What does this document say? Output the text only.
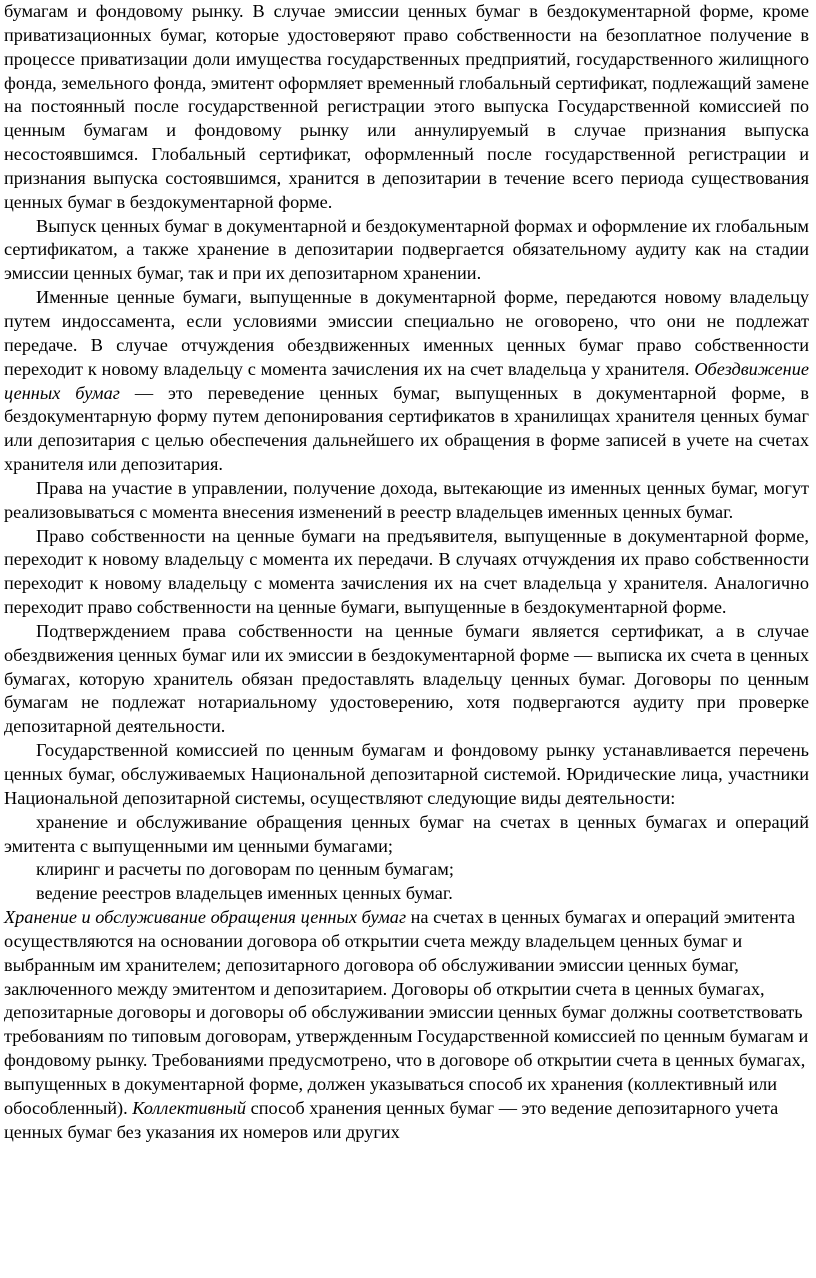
бумагам и фондовому рынку. В случае эмиссии ценных бумаг в бездокументарной форме, кроме приватизационных бумаг, которые удостоверяют право собственности на безоплатное получение в процессе приватизации доли имущества государственных предприятий, государственного жилищного фонда, земельного фонда, эмитент оформляет временный глобальный сертификат, подлежащий замене на постоянный после государственной регистрации этого выпуска Государственной комиссией по ценным бумагам и фондовому рынку или аннулируемый в случае признания выпуска несостоявшимся. Глобальный сертификат, оформленный после государственной регистрации и признания выпуска состоявшимся, хранится в депозитарии в течение всего периода существования ценных бумаг в бездокументарной форме.

Выпуск ценных бумаг в документарной и бездокументарной формах и оформление их глобальным сертификатом, а также хранение в депозитарии подвергается обязательному аудиту как на стадии эмиссии ценных бумаг, так и при их депозитарном хранении.

Именные ценные бумаги, выпущенные в документарной форме, передаются новому владельцу путем индоссамента, если условиями эмиссии специально не оговорено, что они не подлежат передаче. В случае отчуждения обездвиженных именных ценных бумаг право собственности переходит к новому владельцу с момента зачисления их на счет владельца у хранителя. Обездвижение ценных бумаг — это переведение ценных бумаг, выпущенных в документарной форме, в бездокументарную форму путем депонирования сертификатов в хранилищах хранителя ценных бумаг или депозитария с целью обеспечения дальнейшего их обращения в форме записей в учете на счетах хранителя или депозитария.

Права на участие в управлении, получение дохода, вытекающие из именных ценных бумаг, могут реализовываться с момента внесения изменений в реестр владельцев именных ценных бумаг.

Право собственности на ценные бумаги на предъявителя, выпущенные в документарной форме, переходит к новому владельцу с момента их передачи. В случаях отчуждения их право собственности переходит к новому владельцу с момента зачисления их на счет владельца у хранителя. Аналогично переходит право собственности на ценные бумаги, выпущенные в бездокументарной форме.

Подтверждением права собственности на ценные бумаги является сертификат, а в случае обездвижения ценных бумаг или их эмиссии в бездокументарной форме — выписка их счета в ценных бумагах, которую хранитель обязан предоставлять владельцу ценных бумаг. Договоры по ценным бумагам не подлежат нотариальному удостоверению, хотя подвергаются аудиту при проверке депозитарной деятельности.

Государственной комиссией по ценным бумагам и фондовому рынку устанавливается перечень ценных бумаг, обслуживаемых Национальной депозитарной системой. Юридические лица, участники Национальной депозитарной системы, осуществляют следующие виды деятельности:

хранение и обслуживание обращения ценных бумаг на счетах в ценных бумагах и операций эмитента с выпущенными им ценными бумагами;

клиринг и расчеты по договорам по ценным бумагам;

ведение реестров владельцев именных ценных бумаг.

Хранение и обслуживание обращения ценных бумаг на счетах в ценных бумагах и операций эмитента осуществляются на основании договора об открытии счета между владельцем ценных бумаг и выбранным им хранителем; депозитарного договора об обслуживании эмиссии ценных бумаг, заключенного между эмитентом и депозитарием. Договоры об открытии счета в ценных бумагах, депозитарные договоры и договоры об обслуживании эмиссии ценных бумаг должны соответствовать требованиям по типовым договорам, утвержденным Государственной комиссией по ценным бумагам и фондовому рынку. Требованиями предусмотрено, что в договоре об открытии счета в ценных бумагах, выпущенных в документарной форме, должен указываться способ их хранения (коллективный или обособленный). Коллективный способ хранения ценных бумаг — это ведение депозитарного учета ценных бумаг без указания их номеров или других
